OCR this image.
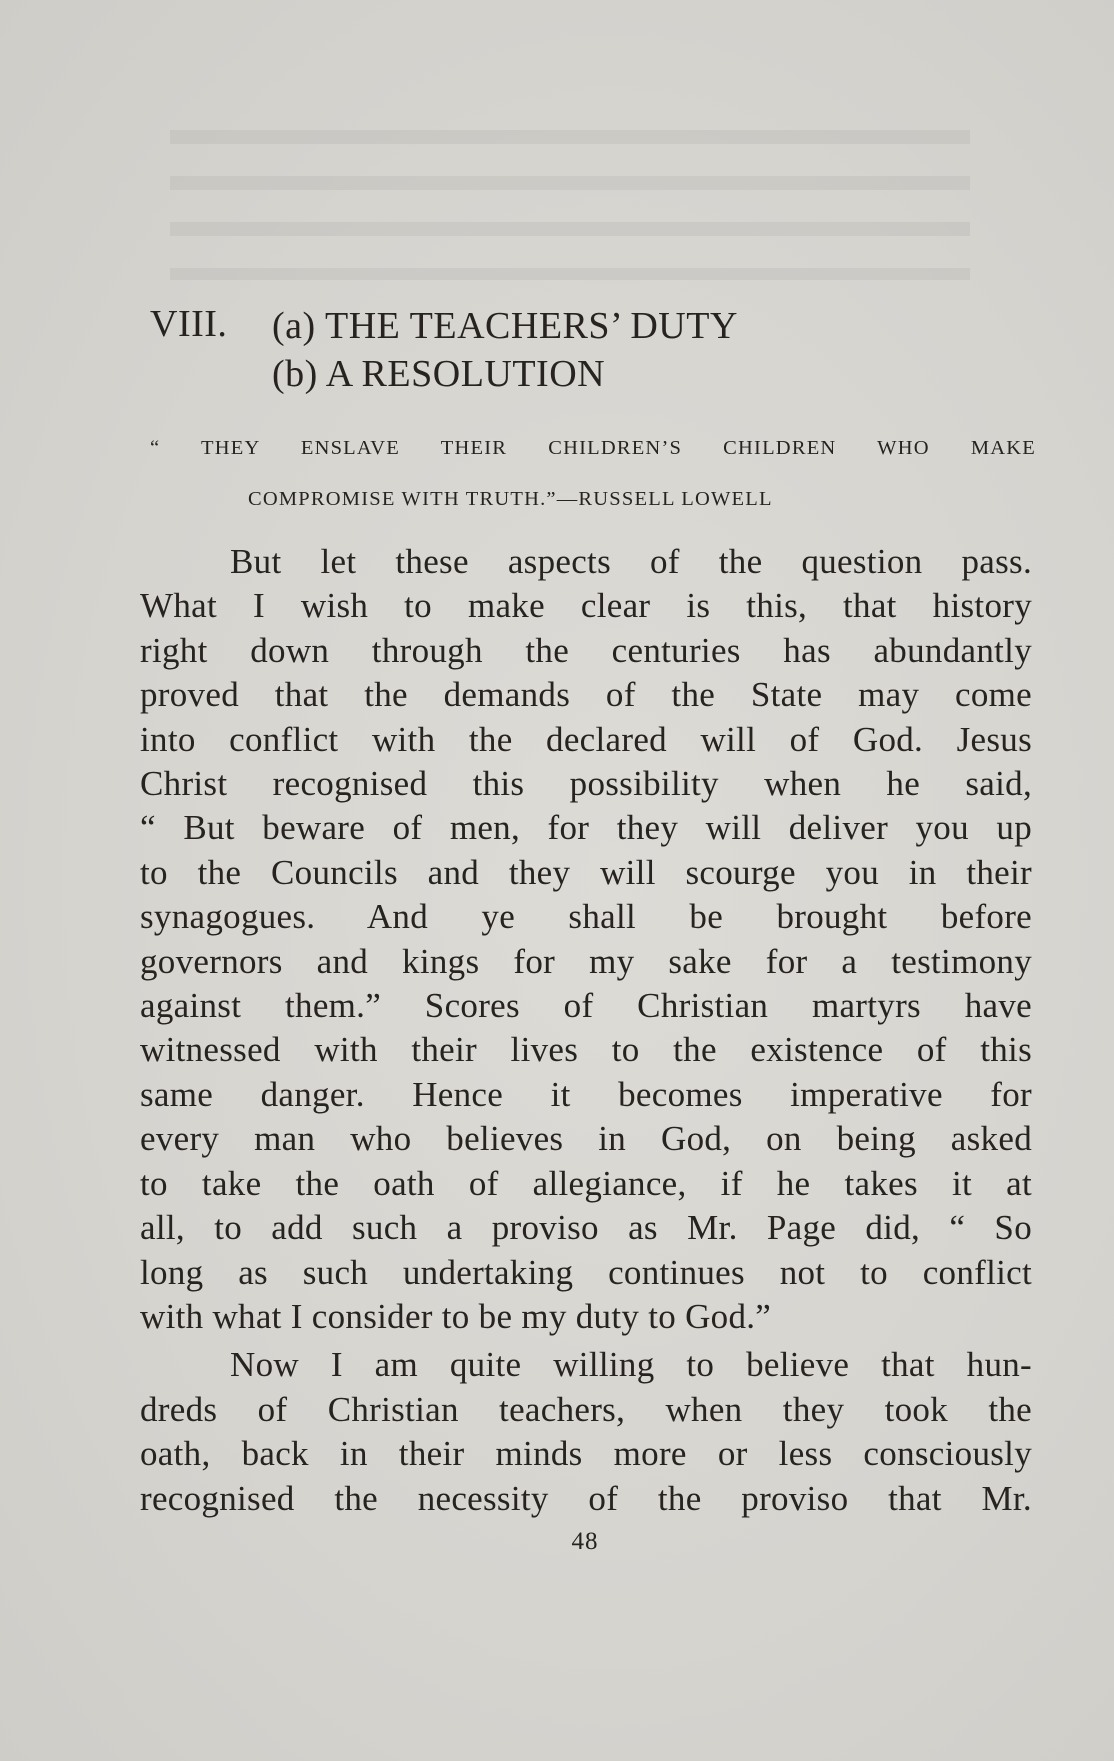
VIII. (a) THE TEACHERS’ DUTY
(b) A RESOLUTION
“ THEY ENSLAVE THEIR CHILDREN’S CHILDREN WHO MAKE
COMPROMISE WITH TRUTH.”—RUSSELL LOWELL

But let these aspects of the question pass.
What I wish to make clear is this, that history
right down through the centuries has abundantly
proved that the demands of the State may come
into conflict with the declared will of God. Jesus
Christ recognised this possibility when he said,
“ But beware of men, for they will deliver you up
to the Councils and they will scourge you in their
synagogues. And ye shall be brought before
governors and kings for my sake for a testimony
against them.” Scores of Christian martyrs have
witnessed with their lives to the existence of this
same danger. Hence it becomes imperative for
every man who believes in God, on being asked
to take the oath of allegiance, if he takes it at
all, to add such a proviso as Mr. Page did, “ So
long as such undertaking continues not to conflict
with what I consider to be my duty to God.”

Now I am quite willing to believe that hun-
dreds of Christian teachers, when they took the
oath, back in their minds more or less consciously
recognised the necessity of the proviso that Mr.

48
